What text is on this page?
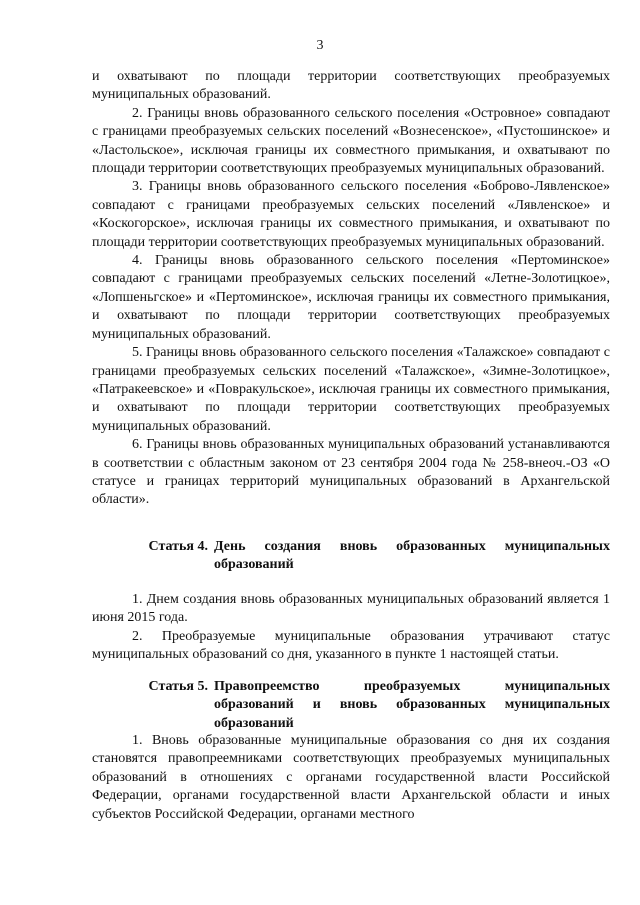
3

и охватывают по площади территории соответствующих преобразуемых муниципальных образований.

2. Границы вновь образованного сельского поселения «Островное» совпадают с границами преобразуемых сельских поселений «Вознесенское», «Пустошинское» и «Ластольское», исключая границы их совместного примыкания, и охватывают по площади территории соответствующих преобразуемых муниципальных образований.

3. Границы вновь образованного сельского поселения «Боброво-Лявленское» совпадают с границами преобразуемых сельских поселений «Лявленское» и «Коскогорское», исключая границы их совместного примыкания, и охватывают по площади территории соответствующих преобразуемых муниципальных образований.

4. Границы вновь образованного сельского поселения «Пертоминское» совпадают с границами преобразуемых сельских поселений «Летне-Золотицкое», «Лопшеньгское» и «Пертоминское», исключая границы их совместного примыкания, и охватывают по площади территории соответствующих преобразуемых муниципальных образований.

5. Границы вновь образованного сельского поселения «Талажское» совпадают с границами преобразуемых сельских поселений «Талажское», «Зимне-Золотицкое», «Патракеевское» и «Повракульское», исключая границы их совместного примыкания, и охватывают по площади территории соответствующих преобразуемых муниципальных образований.

6. Границы вновь образованных муниципальных образований устанавливаются в соответствии с областным законом от 23 сентября 2004 года № 258-внеоч.-ОЗ «О статусе и границах территорий муниципальных образований в Архангельской области».

Статья 4. День создания вновь образованных муниципальных образований

1. Днем создания вновь образованных муниципальных образований является 1 июня 2015 года.

2. Преобразуемые муниципальные образования утрачивают статус муниципальных образований со дня, указанного в пункте 1 настоящей статьи.

Статья 5. Правопреемство преобразуемых муниципальных образований и вновь образованных муниципальных образований

1. Вновь образованные муниципальные образования со дня их создания становятся правопреемниками соответствующих преобразуемых муниципальных образований в отношениях с органами государственной власти Российской Федерации, органами государственной власти Архангельской области и иных субъектов Российской Федерации, органами местного
